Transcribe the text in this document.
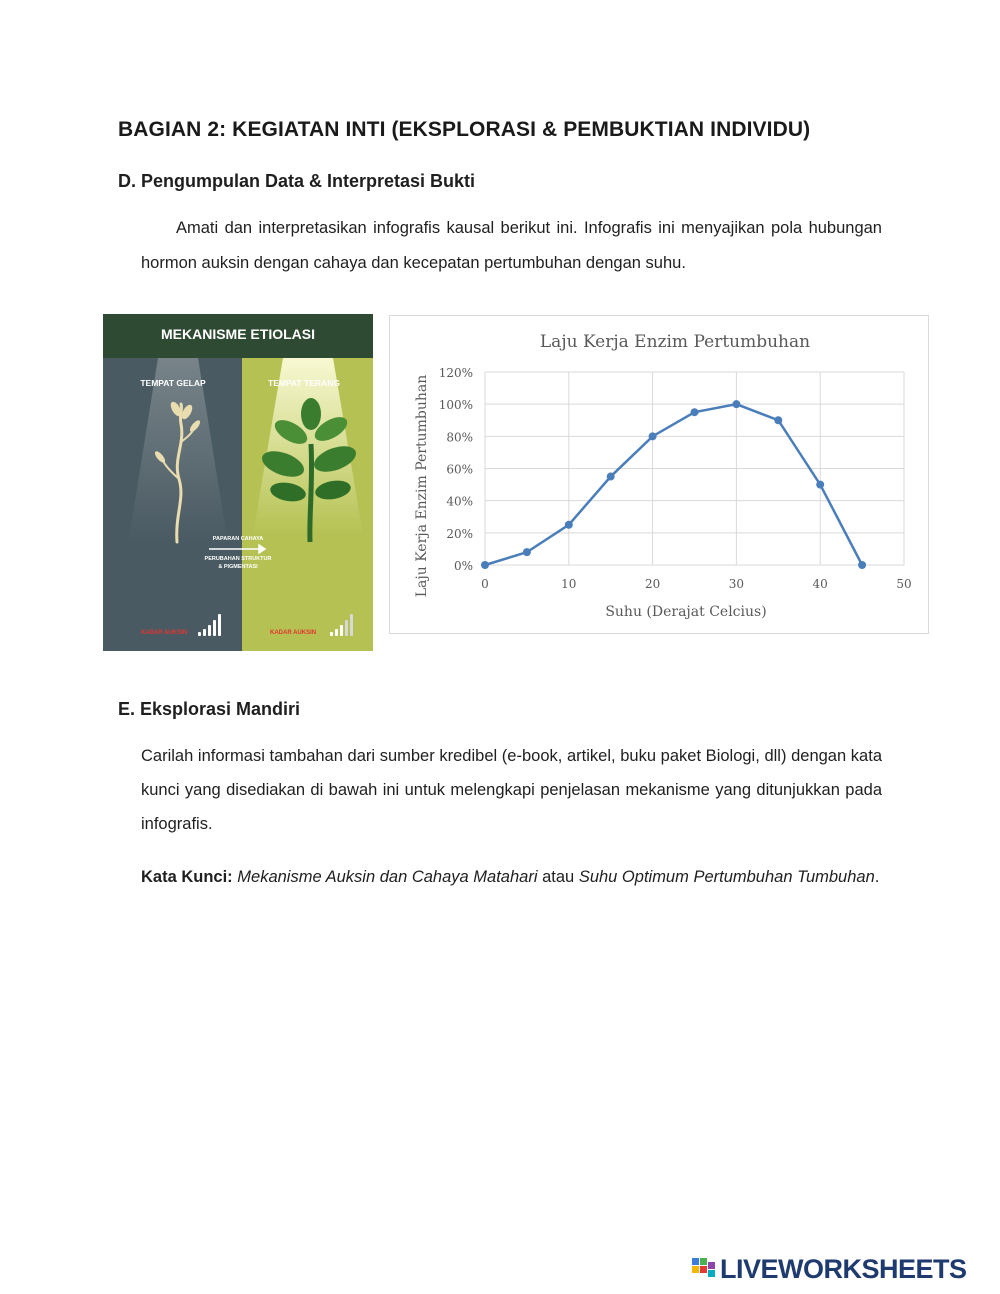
BAGIAN 2: KEGIATAN INTI (EKSPLORASI & PEMBUKTIAN INDIVIDU)
D. Pengumpulan Data & Interpretasi Bukti
Amati dan interpretasikan infografis kausal berikut ini. Infografis ini menyajikan pola hubungan hormon auksin dengan cahaya dan kecepatan pertumbuhan dengan suhu.
MEKANISME ETIOLASI
TEMPAT GELAP	TEMPAT TERANG
PAPARAN CAHAYA
PERUBAHAN STRUKTUR
& PIGMENTASI
KADAR AUKSIN	KADAR AUKSIN
Laju Kerja Enzim Pertumbuhan
Suhu (Derajat Celcius)
Laju Kerja Enzim Pertumbuhan 0%
20%
40%
60%
80%
100%
120%
0	10	20	30	40	50
E. Eksplorasi Mandiri
Carilah informasi tambahan dari sumber kredibel (e-book, artikel, buku paket Biologi, dll) dengan kata kunci yang disediakan di bawah ini untuk melengkapi penjelasan mekanisme yang ditunjukkan pada infografis.
Kata Kunci: Mekanisme Auksin dan Cahaya Matahari atau Suhu Optimum Pertumbuhan Tumbuhan.
LIVEWORKSHEETS
